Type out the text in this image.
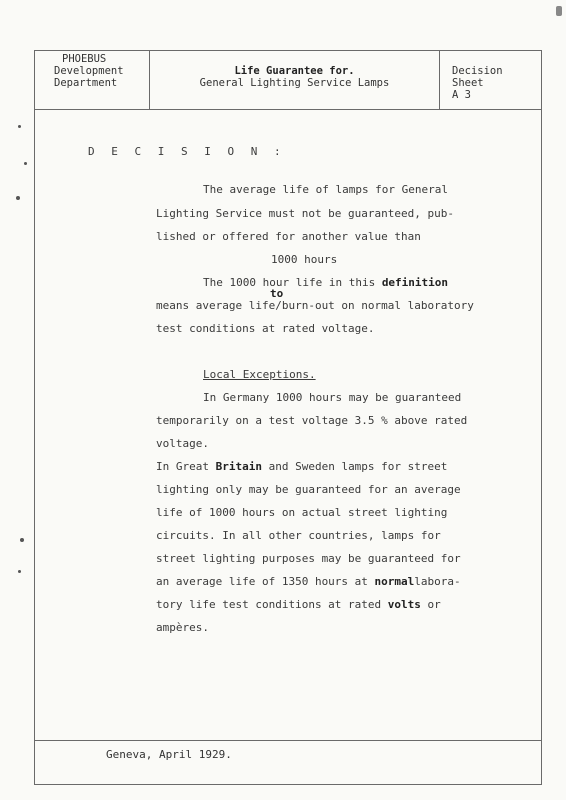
PHOEBUS
Development
Department
Life Guarantee for.
General Lighting Service Lamps
Decision
Sheet
A 3
D E C I S I O N :
The average life of lamps for General
Lighting Service must not be guaranteed, pub-
lished or offered for another value than
1000 hours
The 1000 hour life in this definition
to
means average life/burn-out on normal laboratory
test conditions at rated voltage.
Local Exceptions.
In Germany 1000 hours may be guaranteed
temporarily on a test voltage 3.5 % above rated
voltage.
In Great Britain and Sweden lamps for street
lighting only may be guaranteed for an average
life of 1000 hours on actual street lighting
circuits. In all other countries, lamps for
street lighting purposes may be guaranteed for
an average life of 1350 hours at normallabora-
tory life test conditions at rated volts or
ampères.
Geneva, April 1929.
